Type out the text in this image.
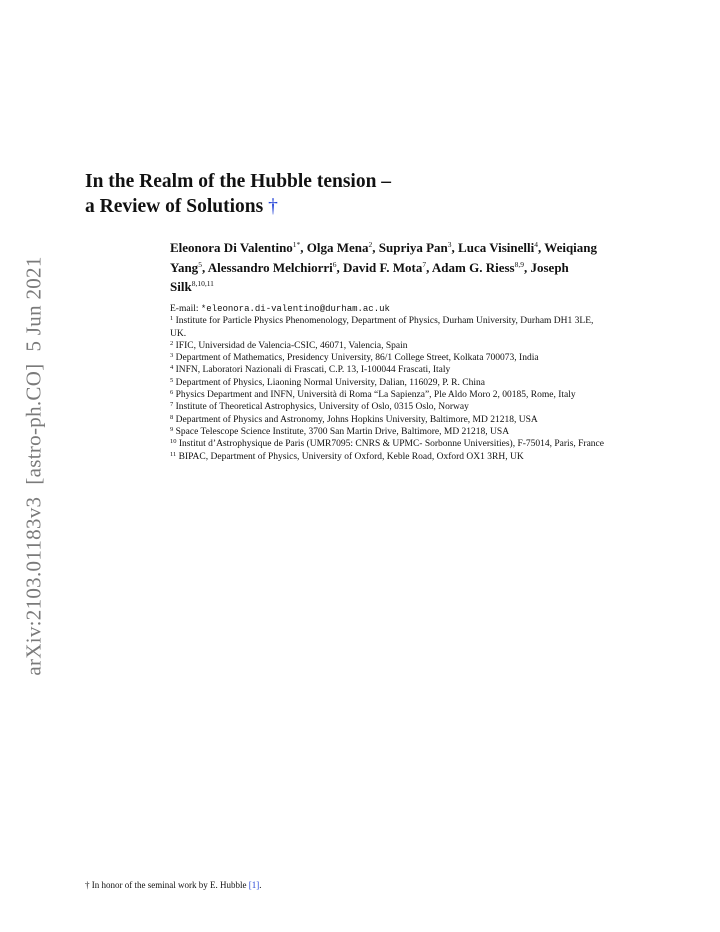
arXiv:2103.01183v3[astro-ph.CO]5 Jun 2021
In the Realm of the Hubble tension –
a Review of Solutions †
Eleonora Di Valentino$^{1*}$, Olga Mena$^2$, Supriya Pan$^3$, Luca Visinelli$^4$, Weiqiang Yang$^5$, Alessandro Melchiorri$^6$, David F. Mota$^7$, Adam G. Riess$^{8,9}$, Joseph Silk$^{8,10,11}$
E-mail: *eleonora.di-valentino@durham.ac.uk
$^1$ Institute for Particle Physics Phenomenology, Department of Physics, Durham University, Durham DH1 3LE, UK.
$^2$ IFIC, Universidad de Valencia-CSIC, 46071, Valencia, Spain
$^3$ Department of Mathematics, Presidency University, 86/1 College Street, Kolkata 700073, India
$^4$ INFN, Laboratori Nazionali di Frascati, C.P. 13, I-100044 Frascati, Italy
$^5$ Department of Physics, Liaoning Normal University, Dalian, 116029, P. R. China
$^6$ Physics Department and INFN, Università di Roma “La Sapienza”, Ple Aldo Moro 2, 00185, Rome, Italy
$^7$ Institute of Theoretical Astrophysics, University of Oslo, 0315 Oslo, Norway
$^8$ Department of Physics and Astronomy, Johns Hopkins University, Baltimore, MD 21218, USA
$^9$ Space Telescope Science Institute, 3700 San Martin Drive, Baltimore, MD 21218, USA
$^{10}$ Institut d’Astrophysique de Paris (UMR7095: CNRS & UPMC- Sorbonne Universities), F-75014, Paris, France
$^{11}$ BIPAC, Department of Physics, University of Oxford, Keble Road, Oxford OX1 3RH, UK
† In honor of the seminal work by E. Hubble [1].
